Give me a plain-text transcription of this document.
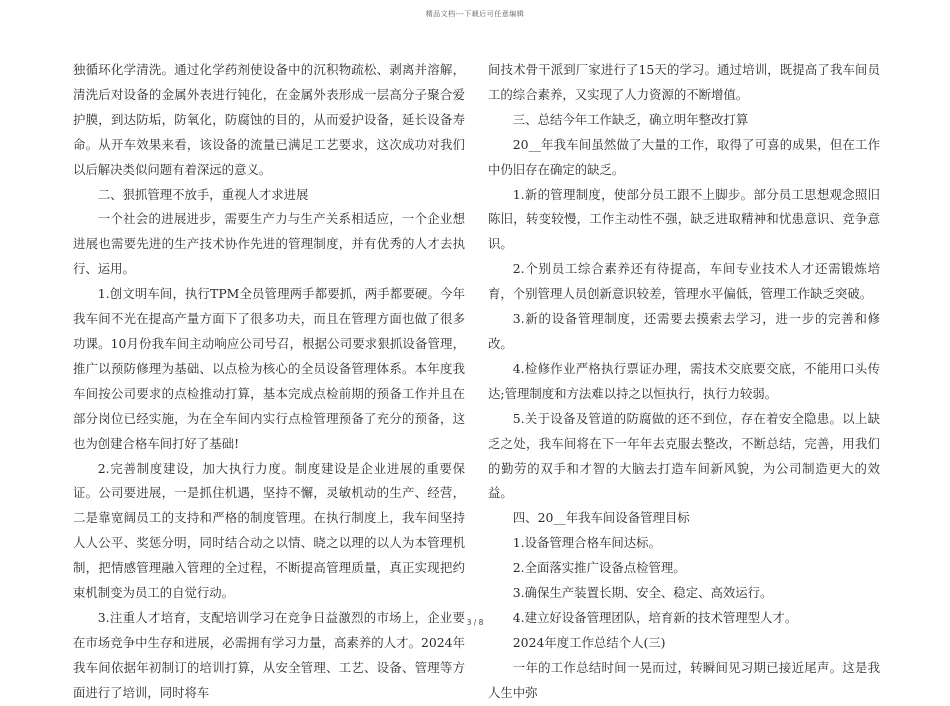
精品文档---下载后可任意编辑

独循环化学清洗。通过化学药剂使设备中的沉积物疏松、剥离并溶解，清洗后对设备的金属外表进行钝化，在金属外表形成一层高分子聚合爱护膜，到达防垢，防氧化，防腐蚀的目的，从而爱护设备，延长设备寿命。从开车效果来看，该设备的流量已满足工艺要求，这次成功对我们以后解决类似问题有着深远的意义。

二、狠抓管理不放手，重视人才求进展

一个社会的进展进步，需要生产力与生产关系相适应，一个企业想进展也需要先进的生产技术协作先进的管理制度，并有优秀的人才去执行、运用。

1.创文明车间，执行TPM全员管理两手都要抓，两手都要硬。今年我车间不光在提高产量方面下了很多功夫，而且在管理方面也做了很多功课。10月份我车间主动响应公司号召，根据公司要求狠抓设备管理，推广以预防修理为基础、以点检为核心的全员设备管理体系。本年度我车间按公司要求的点检推动打算，基本完成点检前期的预备工作并且在部分岗位已经实施，为在全车间内实行点检管理预备了充分的预备，这也为创建合格车间打好了基础!

2.完善制度建设，加大执行力度。制度建设是企业进展的重要保证。公司要进展，一是抓住机遇，坚持不懈，灵敏机动的生产、经营，二是靠宽阔员工的支持和严格的制度管理。在执行制度上，我车间坚持人人公平、奖惩分明，同时结合动之以情、晓之以理的以人为本管理机制，把情感管理融入管理的全过程，不断提高管理质量，真正实现把约束机制变为员工的自觉行动。

3.注重人才培育，支配培训学习在竞争日益激烈的市场上，企业要在市场竞争中生存和进展，必需拥有学习力量，高素养的人才。2024年我车间依据年初制订的培训打算，从安全管理、工艺、设备、管理等方面进行了培训，同时将车

间技术骨干派到厂家进行了15天的学习。通过培训，既提高了我车间员工的综合素养，又实现了人力资源的不断增值。

三、总结今年工作缺乏，确立明年整改打算

20__年我车间虽然做了大量的工作，取得了可喜的成果，但在工作中仍旧存在确定的缺乏。

1.新的管理制度，使部分员工跟不上脚步。部分员工思想观念照旧陈旧，转变较慢，工作主动性不强，缺乏进取精神和忧患意识、竞争意识。

2.个别员工综合素养还有待提高，车间专业技术人才还需锻炼培育，个别管理人员创新意识较差，管理水平偏低，管理工作缺乏突破。

3.新的设备管理制度，还需要去摸索去学习，进一步的完善和修改。

4.检修作业严格执行票证办理，需技术交底要交底，不能用口头传达;管理制度和方法难以持之以恒执行，执行力较弱。

5.关于设备及管道的防腐做的还不到位，存在着安全隐患。以上缺乏之处，我车间将在下一年年去克服去整改，不断总结，完善，用我们的勤劳的双手和才智的大脑去打造车间新风貌，为公司制造更大的效益。

四、20__年我车间设备管理目标

1.设备管理合格车间达标。

2.全面落实推广设备点检管理。

3.确保生产装置长期、安全、稳定、高效运行。

4.建立好设备管理团队，培育新的技术管理型人才。

2024年度工作总结个人(三)

一年的工作总结时间一晃而过，转瞬间见习期已接近尾声。这是我人生中弥

3 / 8
